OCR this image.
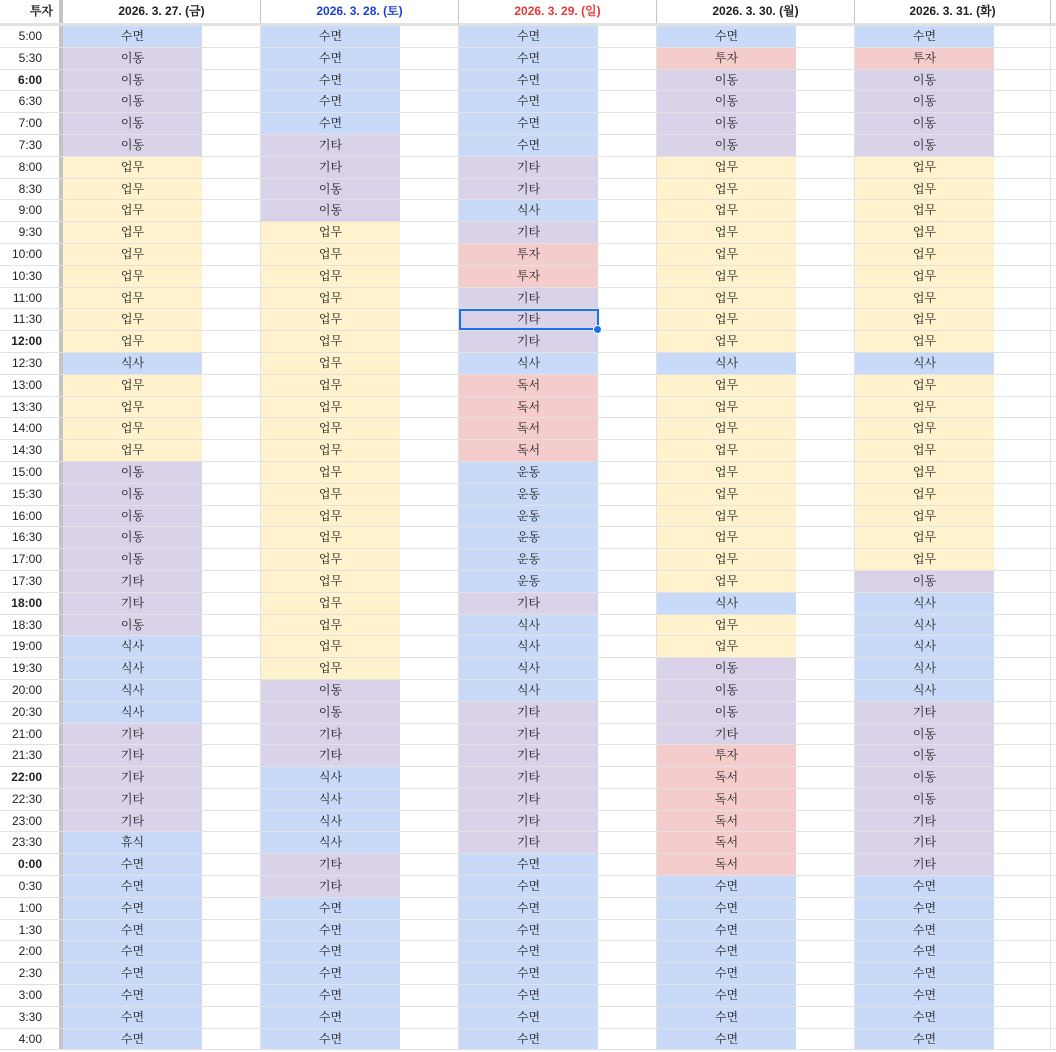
투자	2026. 3. 27. (금)	2026. 3. 28. (토)	2026. 3. 29. (일)	2026. 3. 30. (월)	2026. 3. 31. (화)
5:00	수면	수면	수면	수면	수면
5:30	이동	수면	수면	투자	투자
6:00	이동	수면	수면	이동	이동
6:30	이동	수면	수면	이동	이동
7:00	이동	수면	수면	이동	이동
7:30	이동	기타	수면	이동	이동
8:00	업무	기타	기타	업무	업무
8:30	업무	이동	기타	업무	업무
9:00	업무	이동	식사	업무	업무
9:30	업무	업무	기타	업무	업무
10:00	업무	업무	투자	업무	업무
10:30	업무	업무	투자	업무	업무
11:00	업무	업무	기타	업무	업무
11:30	업무	업무	기타	업무	업무
12:00	업무	업무	기타	업무	업무
12:30	식사	업무	식사	식사	식사
13:00	업무	업무	독서	업무	업무
13:30	업무	업무	독서	업무	업무
14:00	업무	업무	독서	업무	업무
14:30	업무	업무	독서	업무	업무
15:00	이동	업무	운동	업무	업무
15:30	이동	업무	운동	업무	업무
16:00	이동	업무	운동	업무	업무
16:30	이동	업무	운동	업무	업무
17:00	이동	업무	운동	업무	업무
17:30	기타	업무	운동	업무	이동
18:00	기타	업무	기타	식사	식사
18:30	이동	업무	식사	업무	식사
19:00	식사	업무	식사	업무	식사
19:30	식사	업무	식사	이동	식사
20:00	식사	이동	식사	이동	식사
20:30	식사	이동	기타	이동	기타
21:00	기타	기타	기타	기타	이동
21:30	기타	기타	기타	투자	이동
22:00	기타	식사	기타	독서	이동
22:30	기타	식사	기타	독서	이동
23:00	기타	식사	기타	독서	기타
23:30	휴식	식사	기타	독서	기타
0:00	수면	기타	수면	독서	기타
0:30	수면	기타	수면	수면	수면
1:00	수면	수면	수면	수면	수면
1:30	수면	수면	수면	수면	수면
2:00	수면	수면	수면	수면	수면
2:30	수면	수면	수면	수면	수면
3:00	수면	수면	수면	수면	수면
3:30	수면	수면	수면	수면	수면
4:00	수면	수면	수면	수면	수면
